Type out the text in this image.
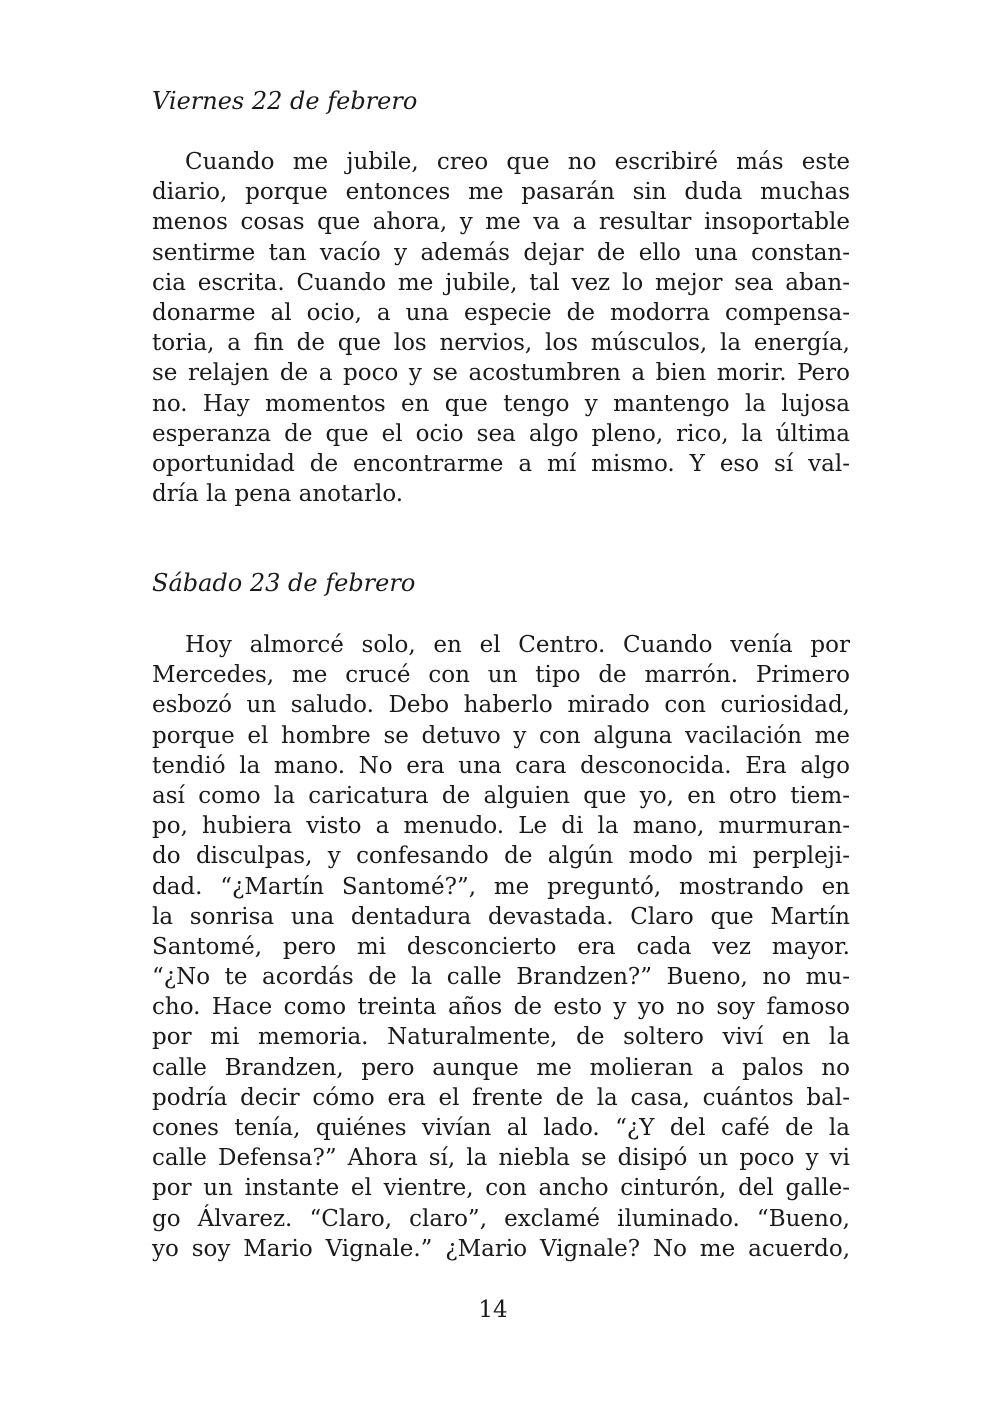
Viernes 22 de febrero
Cuando me jubile, creo que no escribiré más este
diario, porque entonces me pasarán sin duda muchas
menos cosas que ahora, y me va a resultar insoportable
sentirme tan vacío y además dejar de ello una constan-
cia escrita. Cuando me jubile, tal vez lo mejor sea aban-
donarme al ocio, a una especie de modorra compensa-
toria, a fin de que los nervios, los músculos, la energía,
se relajen de a poco y se acostumbren a bien morir. Pero
no. Hay momentos en que tengo y mantengo la lujosa
esperanza de que el ocio sea algo pleno, rico, la última
oportunidad de encontrarme a mí mismo. Y eso sí val-
dría la pena anotarlo.
Sábado 23 de febrero
Hoy almorcé solo, en el Centro. Cuando venía por
Mercedes, me crucé con un tipo de marrón. Primero
esbozó un saludo. Debo haberlo mirado con curiosidad,
porque el hombre se detuvo y con alguna vacilación me
tendió la mano. No era una cara desconocida. Era algo
así como la caricatura de alguien que yo, en otro tiem-
po, hubiera visto a menudo. Le di la mano, murmuran-
do disculpas, y confesando de algún modo mi perpleji-
dad. “¿Martín Santomé?”, me preguntó, mostrando en
la sonrisa una dentadura devastada. Claro que Martín
Santomé, pero mi desconcierto era cada vez mayor.
“¿No te acordás de la calle Brandzen?” Bueno, no mu-
cho. Hace como treinta años de esto y yo no soy famoso
por mi memoria. Naturalmente, de soltero viví en la
calle Brandzen, pero aunque me molieran a palos no
podría decir cómo era el frente de la casa, cuántos bal-
cones tenía, quiénes vivían al lado. “¿Y del café de la
calle Defensa?” Ahora sí, la niebla se disipó un poco y vi
por un instante el vientre, con ancho cinturón, del galle-
go Álvarez. “Claro, claro”, exclamé iluminado. “Bueno,
yo soy Mario Vignale.” ¿Mario Vignale? No me acuerdo,
14
